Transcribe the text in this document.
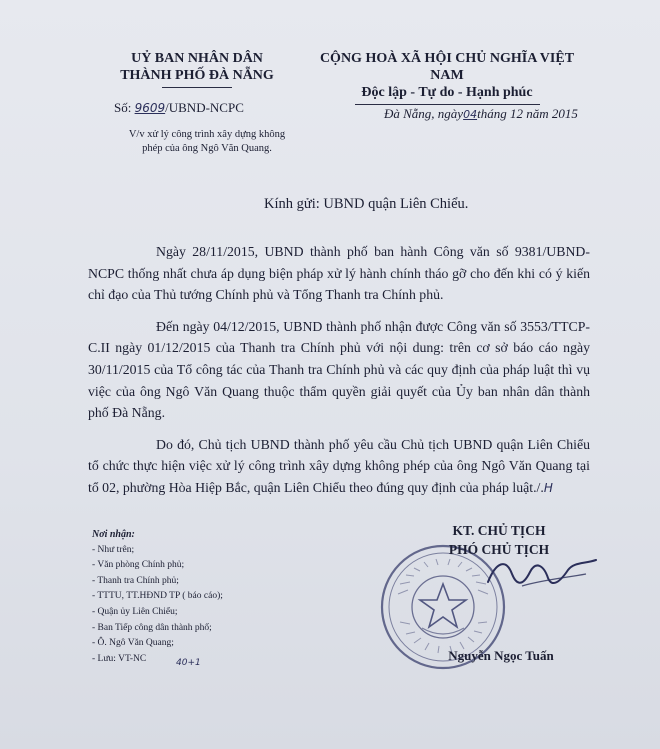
UỶ BAN NHÂN DÂN
THÀNH PHỐ ĐÀ NẴNG
CỘNG HOÀ XÃ HỘI CHỦ NGHĨA VIỆT NAM
Độc lập - Tự do - Hạnh phúc
Số: 9609/UBND-NCPC	Đà Nẵng, ngày04tháng 12 năm 2015
V/v xử lý công trình xây dựng không
phép của ông Ngô Văn Quang.
Kính gửi: UBND quận Liên Chiểu.

Ngày 28/11/2015, UBND thành phố ban hành Công văn số 9381/UBND-NCPC thống nhất chưa áp dụng biện pháp xử lý hành chính tháo gỡ cho đến khi có ý kiến chỉ đạo của Thủ tướng Chính phủ và Tổng Thanh tra Chính phủ.

Đến ngày 04/12/2015, UBND thành phố nhận được Công văn số 3553/TTCP-C.II ngày 01/12/2015 của Thanh tra Chính phủ với nội dung: trên cơ sở báo cáo ngày 30/11/2015 của Tổ công tác của Thanh tra Chính phủ và các quy định của pháp luật thì vụ việc của ông Ngô Văn Quang thuộc thẩm quyền giải quyết của Ủy ban nhân dân thành phố Đà Nẵng.

Do đó, Chủ tịch UBND thành phố yêu cầu Chủ tịch UBND quận Liên Chiểu tổ chức thực hiện việc xử lý công trình xây dựng không phép của ông Ngô Văn Quang tại tổ 02, phường Hòa Hiệp Bắc, quận Liên Chiểu theo đúng quy định của pháp luật./.H

Nơi nhận:
- Như trên;
- Văn phòng Chính phủ;
- Thanh tra Chính phủ;
- TTTU, TT.HĐND TP ( báo cáo);
- Quận ủy Liên Chiểu;
- Ban Tiếp công dân thành phố;
- Ô. Ngô Văn Quang;
- Lưu: VT-NC	40+1
KT. CHỦ TỊCH
PHÓ CHỦ TỊCH
Nguyễn Ngọc Tuấn
